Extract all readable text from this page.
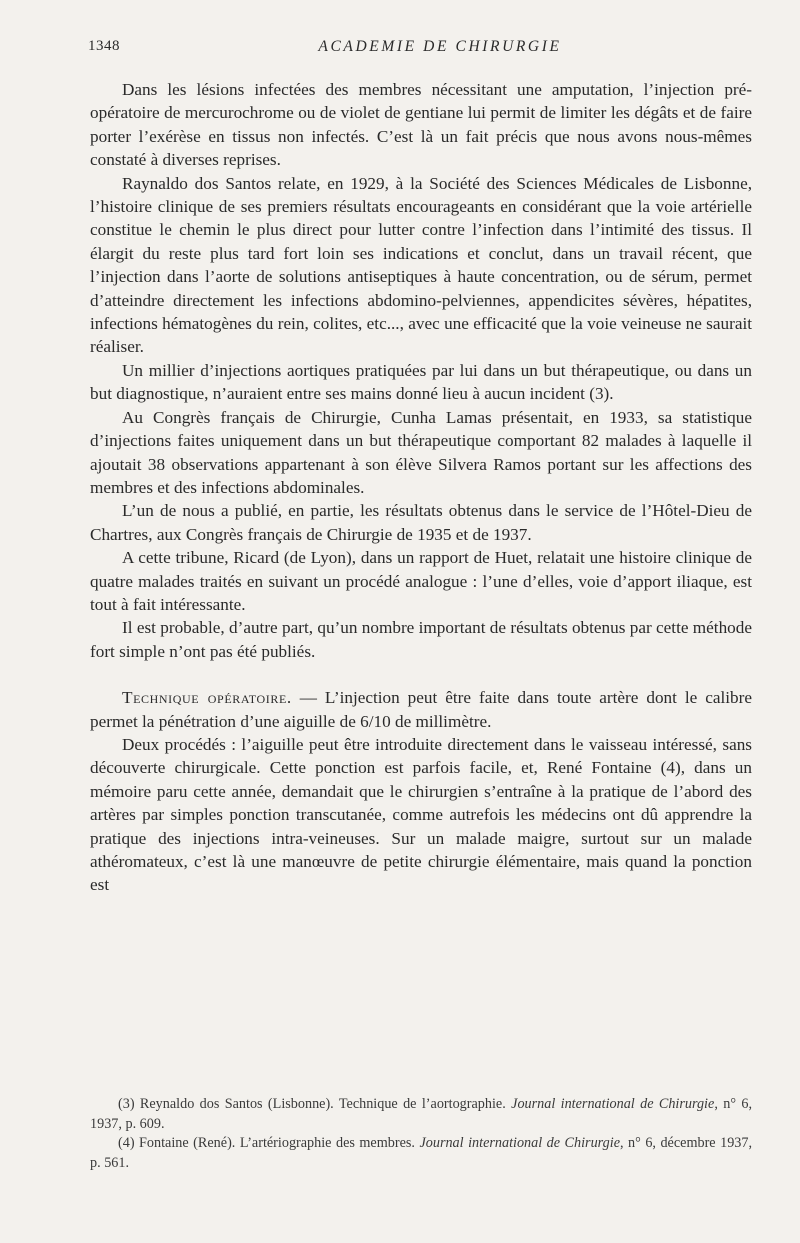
1348	ACADEMIE DE CHIRURGIE

Dans les lésions infectées des membres nécessitant une amputation, l’injection pré-opératoire de mercurochrome ou de violet de gentiane lui permit de limiter les dégâts et de faire porter l’exérèse en tissus non infectés. C’est là un fait précis que nous avons nous-mêmes constaté à diverses reprises.

Raynaldo dos Santos relate, en 1929, à la Société des Sciences Médicales de Lisbonne, l’histoire clinique de ses premiers résultats encourageants en considérant que la voie artérielle constitue le chemin le plus direct pour lutter contre l’infection dans l’intimité des tissus. Il élargit du reste plus tard fort loin ses indications et conclut, dans un travail récent, que l’injection dans l’aorte de solutions antiseptiques à haute concentration, ou de sérum, permet d’atteindre directement les infections abdomino-pelviennes, appendicites sévères, hépatites, infections hématogènes du rein, colites, etc..., avec une efficacité que la voie veineuse ne saurait réaliser.

Un millier d’injections aortiques pratiquées par lui dans un but thérapeutique, ou dans un but diagnostique, n’auraient entre ses mains donné lieu à aucun incident (3).

Au Congrès français de Chirurgie, Cunha Lamas présentait, en 1933, sa statistique d’injections faites uniquement dans un but thérapeutique comportant 82 malades à laquelle il ajoutait 38 observations appartenant à son élève Silvera Ramos portant sur les affections des membres et des infections abdominales.

L’un de nous a publié, en partie, les résultats obtenus dans le service de l’Hôtel-Dieu de Chartres, aux Congrès français de Chirurgie de 1935 et de 1937.

A cette tribune, Ricard (de Lyon), dans un rapport de Huet, relatait une histoire clinique de quatre malades traités en suivant un procédé analogue : l’une d’elles, voie d’apport iliaque, est tout à fait intéressante.

Il est probable, d’autre part, qu’un nombre important de résultats obtenus par cette méthode fort simple n’ont pas été publiés.

Technique opératoire. — L’injection peut être faite dans toute artère dont le calibre permet la pénétration d’une aiguille de 6/10 de millimètre.

Deux procédés : l’aiguille peut être introduite directement dans le vaisseau intéressé, sans découverte chirurgicale. Cette ponction est parfois facile, et, René Fontaine (4), dans un mémoire paru cette année, demandait que le chirurgien s’entraîne à la pratique de l’abord des artères par simples ponction transcutanée, comme autrefois les médecins ont dû apprendre la pratique des injections intra-veineuses. Sur un malade maigre, surtout sur un malade athéromateux, c’est là une manœuvre de petite chirurgie élémentaire, mais quand la ponction est

(3) Reynaldo dos Santos (Lisbonne). Technique de l’aortographie. Journal international de Chirurgie, n° 6, 1937, p. 609.

(4) Fontaine (René). L’artériographie des membres. Journal international de Chirurgie, n° 6, décembre 1937, p. 561.
